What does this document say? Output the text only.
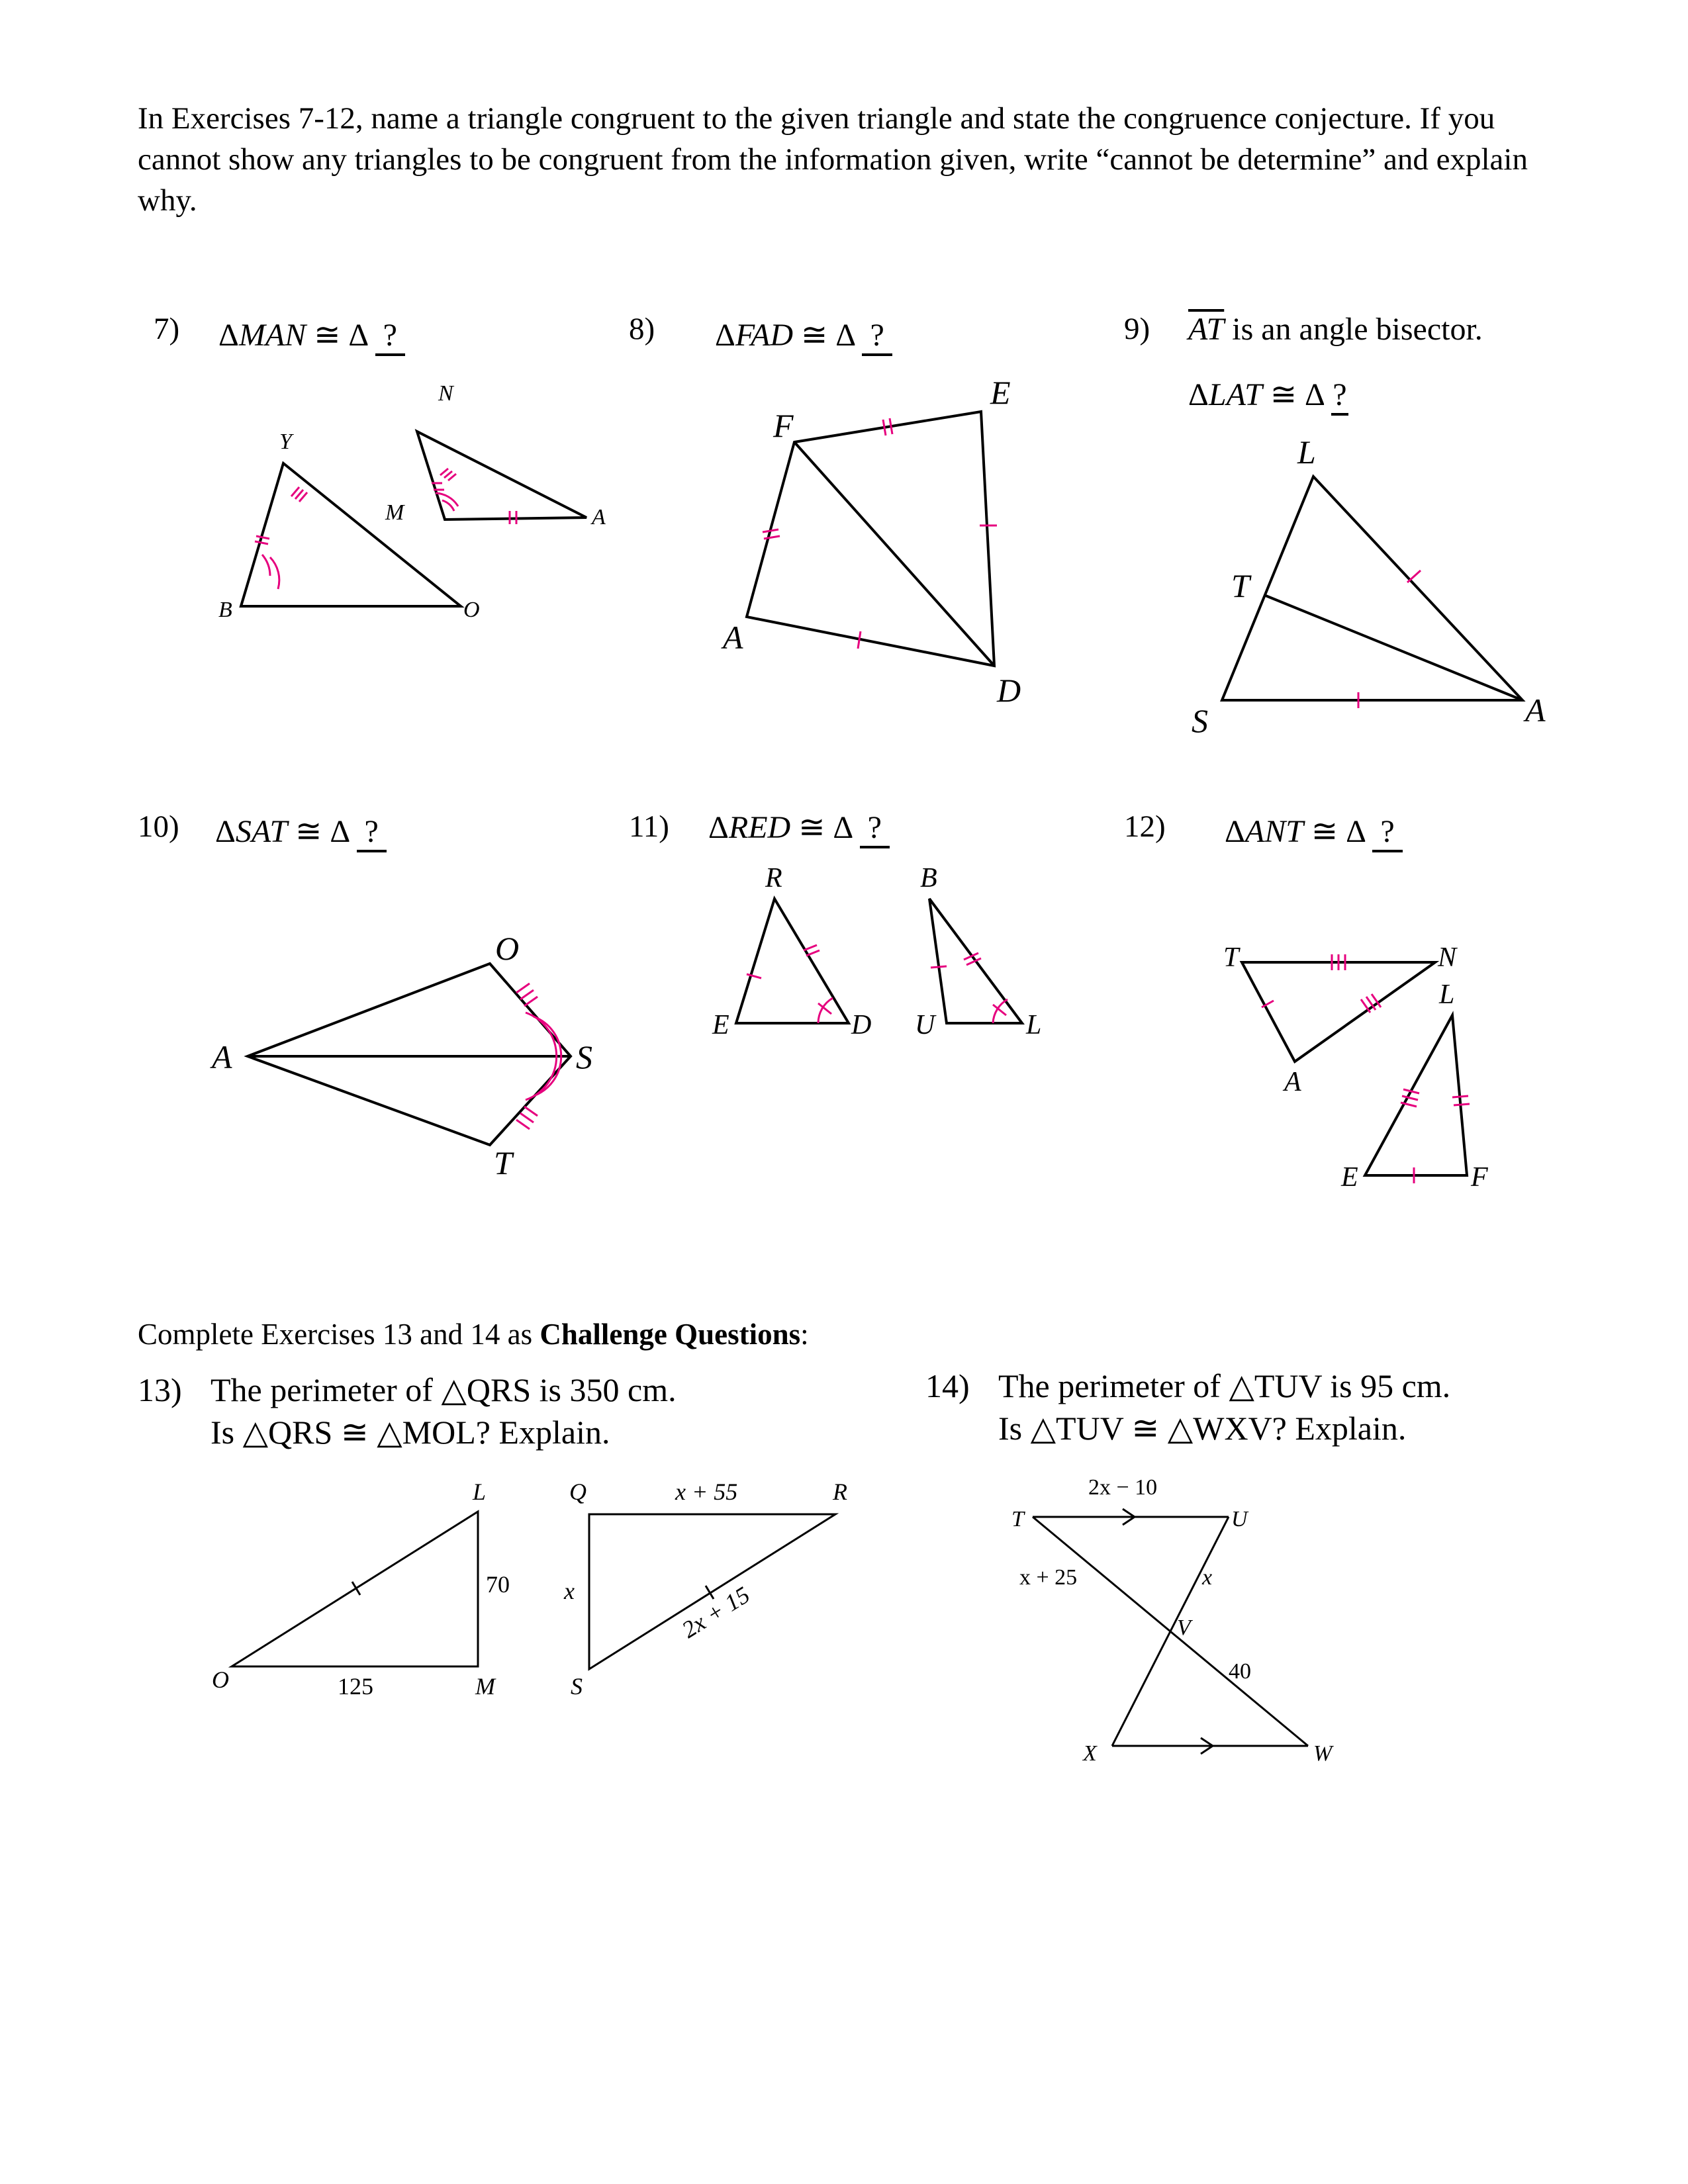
In Exercises 7-12, name a triangle congruent to the given triangle and state the congruence conjecture. If you cannot show any triangles to be congruent from the information given, write “cannot be determine” and explain why.
7) ΔMAN ≅ Δ ?
N
Y
M	A
B	O
8) ΔFAD ≅ Δ ?
E
F
A
D
9) $\overline{AT}$ is an angle bisector.
ΔLAT ≅ Δ ?
L
T
S	A
10) ΔSAT ≅ Δ ?
O
A	S
T
11) ΔRED ≅ Δ ?
R	B
E	D U	L
12) ΔANT ≅ Δ ?
T	N
L
A
E	F
Complete Exercises 13 and 14 as Challenge Questions:
13) The perimeter of △QRS is 350 cm.
Is △QRS ≅ △MOL? Explain.
L
O	M
Q	R
S
70
125
x + 55
x	2x + 15
14) The perimeter of △TUV is 95 cm.
Is △TUV ≅ △WXV? Explain.
T	U
V
X	W
2x − 10
x + 25	x
40
